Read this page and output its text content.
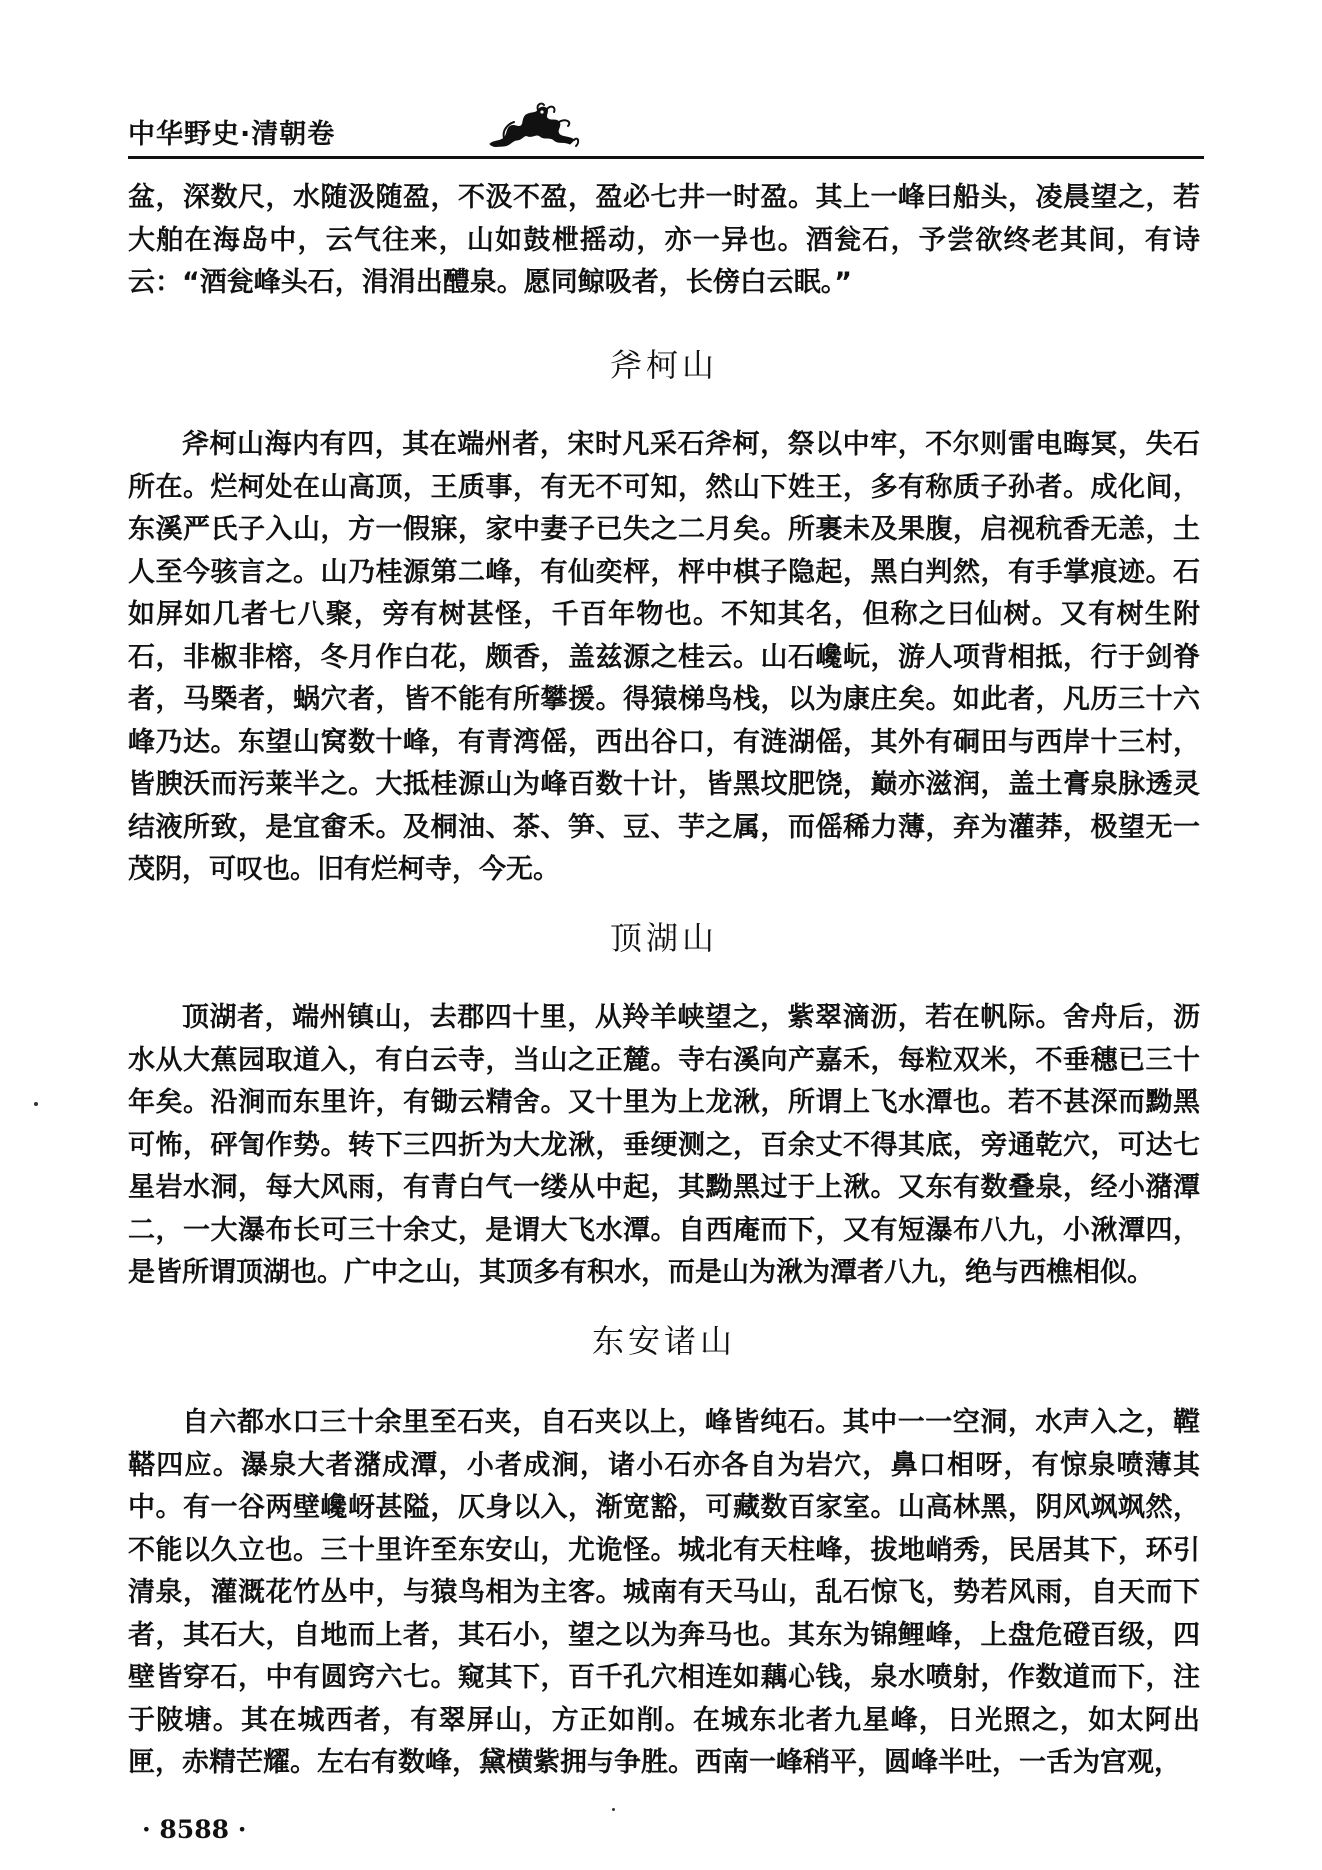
中华野史·清朝卷
盆，深数尺，水随汲随盈，不汲不盈，盈必七井一时盈。其上一峰曰船头，凌晨望之，若大舶在海岛中，云气往来，山如鼓枻摇动，亦一异也。酒瓮石，予尝欲终老其间，有诗云：“酒瓮峰头石，涓涓出醴泉。愿同鲸吸者，长傍白云眠。”
斧柯山
斧柯山海内有四，其在端州者，宋时凡采石斧柯，祭以中牢，不尔则雷电晦冥，失石所在。烂柯处在山高顶，王质事，有无不可知，然山下姓王，多有称质子孙者。成化间，东溪严氏子入山，方一假寐，家中妻子已失之二月矣。所裹未及果腹，启视秔香无恙，土人至今骇言之。山乃桂源第二峰，有仙奕枰，枰中棋子隐起，黑白判然，有手掌痕迹。石如屏如几者七八聚，旁有树甚怪，千百年物也。不知其名，但称之曰仙树。又有树生附石，非椒非榕，冬月作白花，颇香，盖兹源之桂云。山石巉岏，游人项背相抵，行于剑脊者，马槩者，蜗穴者，皆不能有所攀援。得猿梯鸟栈，以为康庄矣。如此者，凡历三十六峰乃达。东望山窝数十峰，有青湾傜，西出谷口，有涟湖傜，其外有硐田与西岸十三村，皆腴沃而污莱半之。大抵桂源山为峰百数十计，皆黑坟肥饶，巅亦滋润，盖土膏泉脉透灵结液所致，是宜畬禾。及桐油、茶、笋、豆、芋之属，而傜稀力薄，弃为灌莽，极望无一茂阴，可叹也。旧有烂柯寺，今无。
顶湖山
顶湖者，端州镇山，去郡四十里，从羚羊峡望之，紫翠滴沥，若在帆际。舍舟后，沥水从大蕉园取道入，有白云寺，当山之正麓。寺右溪向产嘉禾，每粒双米，不垂穗已三十年矣。沿涧而东里许，有锄云精舍。又十里为上龙湫，所谓上飞水潭也。若不甚深而黝黑可怖，砰訇作势。转下三四折为大龙湫，垂绠测之，百余丈不得其底，旁通乾穴，可达七星岩水洞，每大风雨，有青白气一缕从中起，其黝黑过于上湫。又东有数叠泉，经小潴潭二，一大瀑布长可三十余丈，是谓大飞水潭。自西庵而下，又有短瀑布八九，小湫潭四，是皆所谓顶湖也。广中之山，其顶多有积水，而是山为湫为潭者八九，绝与西樵相似。
东安诸山
自六都水口三十余里至石夹，自石夹以上，峰皆纯石。其中一一空洞，水声入之，鞺鞳四应。瀑泉大者潴成潭，小者成涧，诸小石亦各自为岩穴，鼻口相呀，有惊泉喷薄其中。有一谷两壁巉岈甚隘，仄身以入，渐宽豁，可藏数百家室。山高林黑，阴风飒飒然，不能以久立也。三十里许至东安山，尤诡怪。城北有天柱峰，拔地峭秀，民居其下，环引清泉，灌溉花竹丛中，与猿鸟相为主客。城南有天马山，乱石惊飞，势若风雨，自天而下者，其石大，自地而上者，其石小，望之以为奔马也。其东为锦鲤峰，上盘危磴百级，四壁皆穿石，中有圆窍六七。窥其下，百千孔穴相连如藕心钱，泉水喷射，作数道而下，注于陂塘。其在城西者，有翠屏山，方正如削。在城东北者九星峰，日光照之，如太阿出匣，赤精芒耀。左右有数峰，黛横紫拥与争胜。西南一峰稍平，圆峰半吐，一舌为宫观，
· 8588 ·
